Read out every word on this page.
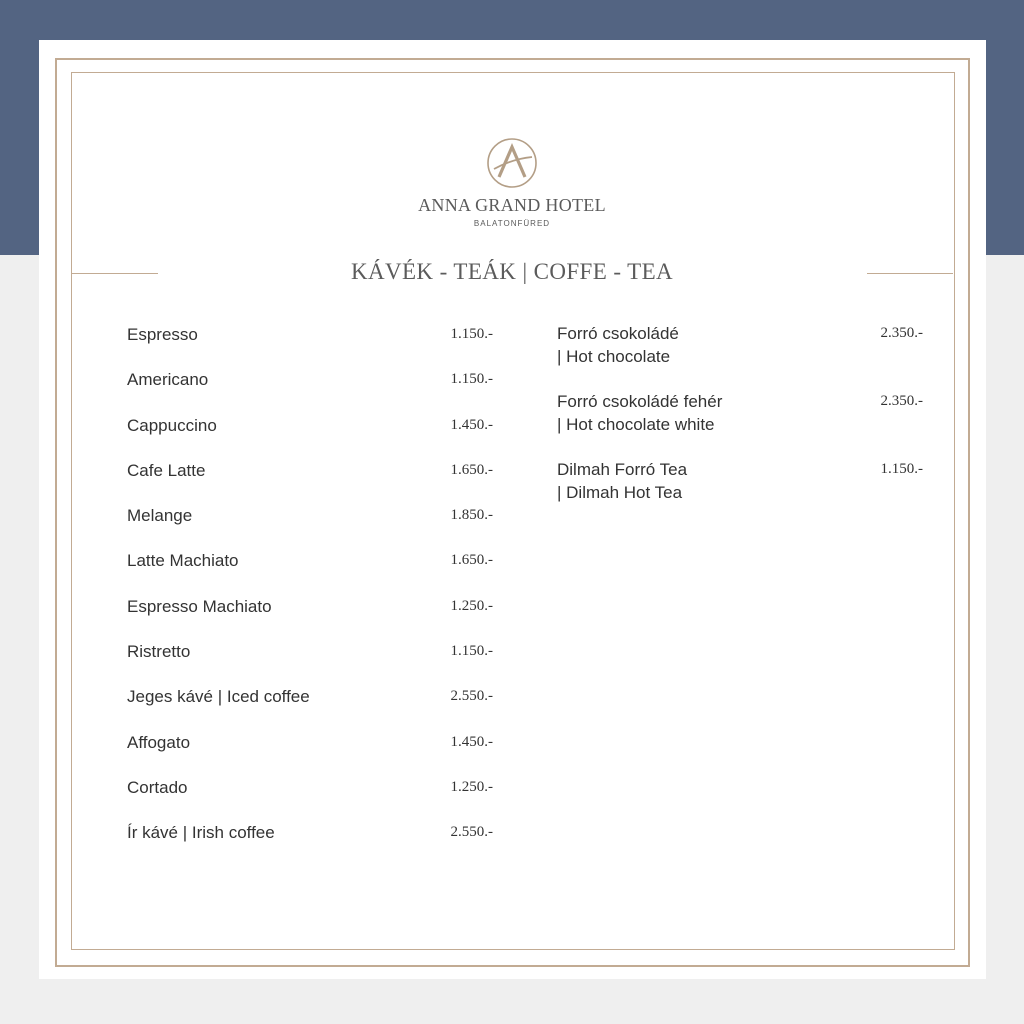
ANNA GRAND HOTEL
BALATONFÜRED
KÁVÉK - TEÁK | COFFE - TEA
Espresso	1.150.-
Americano	1.150.-
Cappuccino	1.450.-
Cafe Latte	1.650.-
Melange	1.850.-
Latte Machiato	1.650.-
Espresso Machiato	1.250.-
Ristretto	1.150.-
Jeges kávé | Iced coffee	2.550.-
Affogato	1.450.-
Cortado	1.250.-
Ír kávé | Irish coffee	2.550.-
Forró csokoládé
| Hot chocolate
2.350.-
Forró csokoládé fehér
| Hot chocolate white
2.350.-
Dilmah Forró Tea
| Dilmah Hot Tea
1.150.-
